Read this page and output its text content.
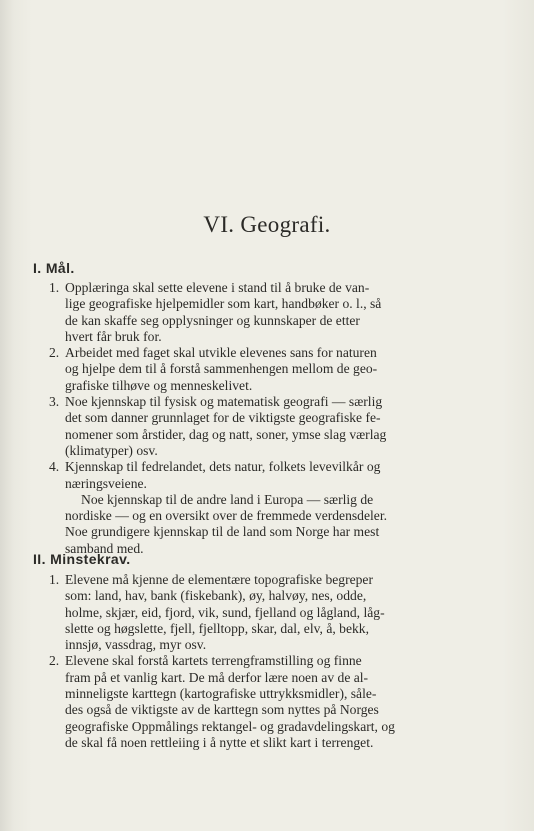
VI. Geografi.
I. Mål.
1. Opplæringa skal sette elevene i stand til å bruke de van-
lige geografiske hjelpemidler som kart, handbøker o. l., så
de kan skaffe seg opplysninger og kunnskaper de etter
hvert får bruk for.
2. Arbeidet med faget skal utvikle elevenes sans for naturen
og hjelpe dem til å forstå sammenhengen mellom de geo-
grafiske tilhøve og menneskelivet.
3. Noe kjennskap til fysisk og matematisk geografi — særlig
det som danner grunnlaget for de viktigste geografiske fe-
nomener som årstider, dag og natt, soner, ymse slag værlag
(klimatyper) osv.
4. Kjennskap til fedrelandet, dets natur, folkets levevilkår og
næringsveiene.
Noe kjennskap til de andre land i Europa — særlig de
nordiske — og en oversikt over de fremmede verdensdeler.
Noe grundigere kjennskap til de land som Norge har mest
samband med.
II. Minstekrav.
1. Elevene må kjenne de elementære topografiske begreper
som: land, hav, bank (fiskebank), øy, halvøy, nes, odde,
holme, skjær, eid, fjord, vik, sund, fjelland og lågland, låg-
slette og høgslette, fjell, fjelltopp, skar, dal, elv, å, bekk,
innsjø, vassdrag, myr osv.
2. Elevene skal forstå kartets terrengframstilling og finne
fram på et vanlig kart. De må derfor lære noen av de al-
minneligste karttegn (kartografiske uttrykksmidler), såle-
des også de viktigste av de karttegn som nyttes på Norges
geografiske Oppmålings rektangel- og gradavdelingskart, og
de skal få noen rettleiing i å nytte et slikt kart i terrenget.
